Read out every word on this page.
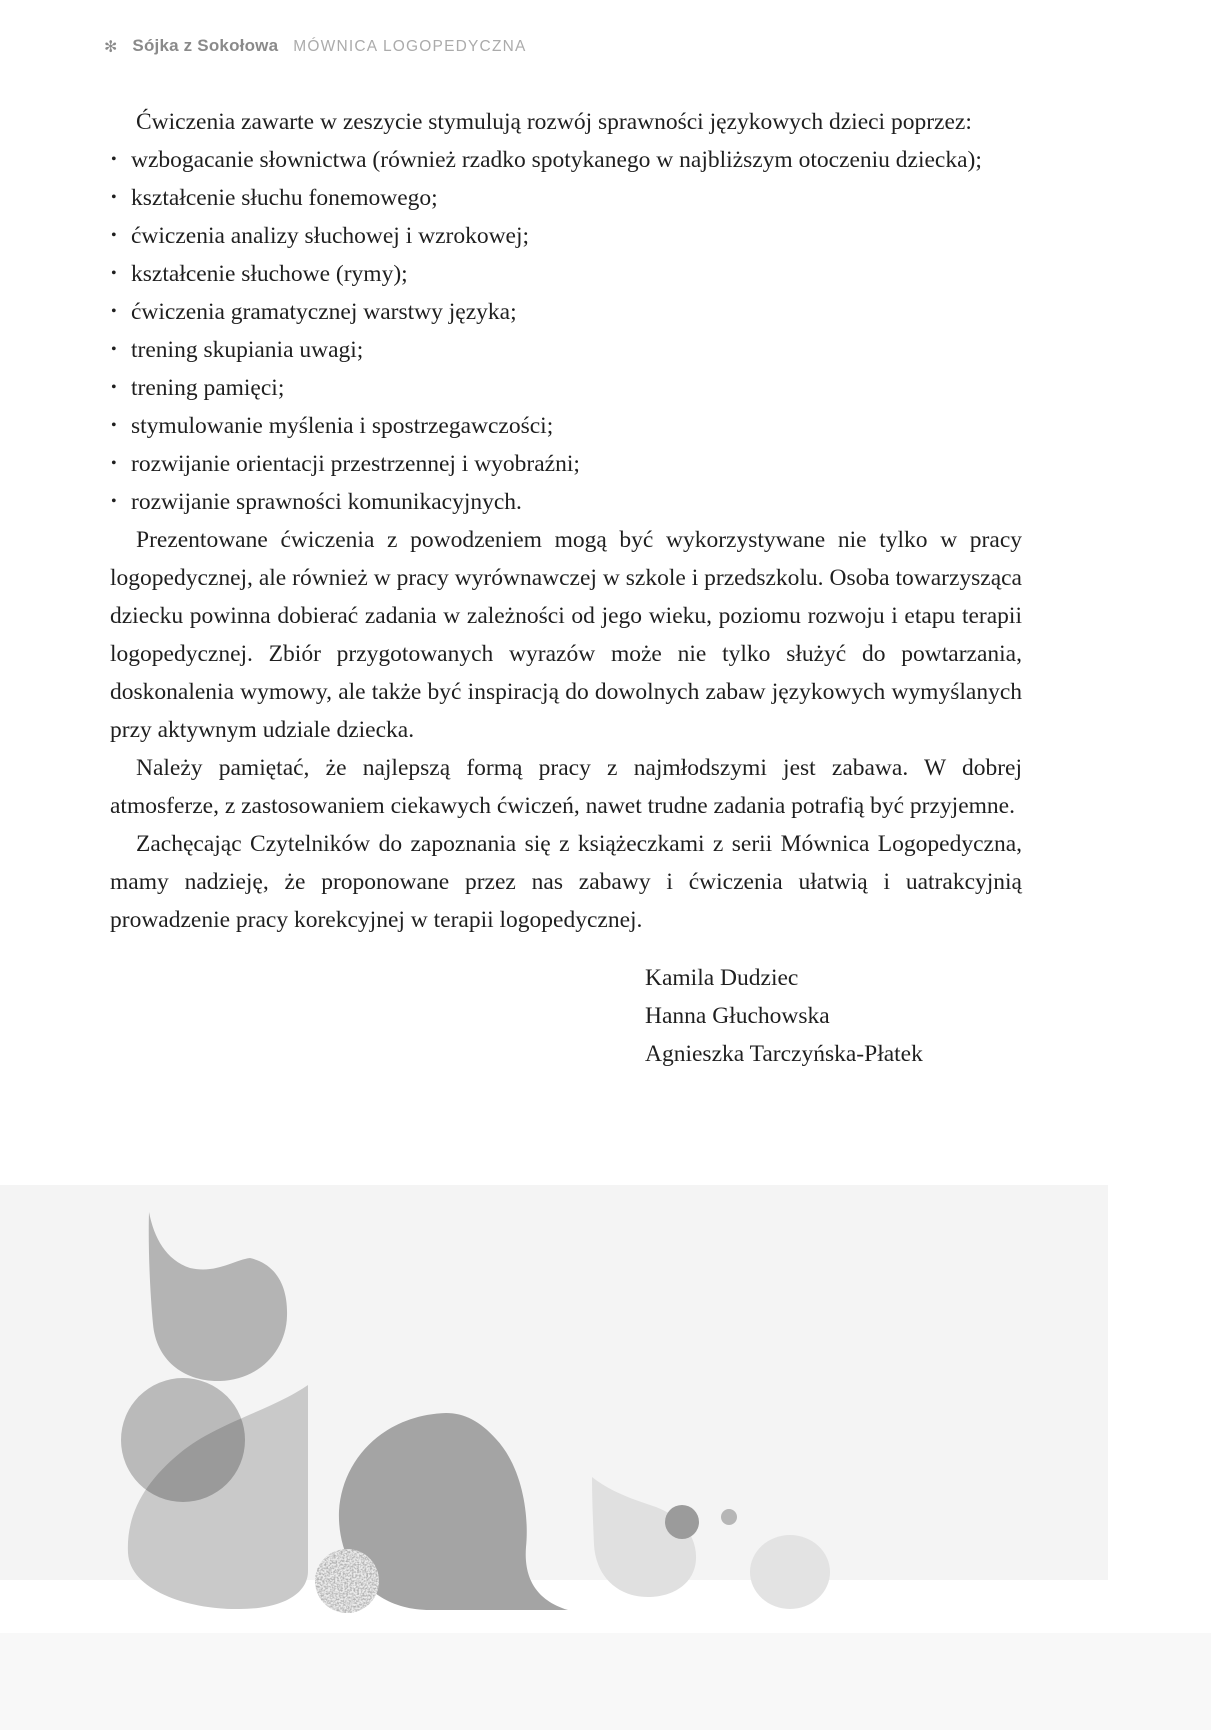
✻ Sójka z Sokołowa MÓWNICA LOGOPEDYCZNA

Ćwiczenia zawarte w zeszycie stymulują rozwój sprawności językowych dzieci poprzez:

• wzbogacanie słownictwa (również rzadko spotykanego w najbliższym otoczeniu dziecka);
• kształcenie słuchu fonemowego;
• ćwiczenia analizy słuchowej i wzrokowej;
• kształcenie słuchowe (rymy);
• ćwiczenia gramatycznej warstwy języka;
• trening skupiania uwagi;
• trening pamięci;
• stymulowanie myślenia i spostrzegawczości;
• rozwijanie orientacji przestrzennej i wyobraźni;
• rozwijanie sprawności komunikacyjnych.

Prezentowane ćwiczenia z powodzeniem mogą być wykorzystywane nie tylko w pracy logopedycznej, ale również w pracy wyrównawczej w szkole i przedszkolu. Osoba towarzysząca dziecku powinna dobierać zadania w zależności od jego wieku, poziomu rozwoju i etapu terapii logopedycznej. Zbiór przygotowanych wyrazów może nie tylko służyć do powtarzania, doskonalenia wymowy, ale także być inspiracją do dowolnych zabaw językowych wymyślanych przy aktywnym udziale dziecka.

Należy pamiętać, że najlepszą formą pracy z najmłodszymi jest zabawa. W dobrej atmosferze, z zastosowaniem ciekawych ćwiczeń, nawet trudne zadania potrafią być przyjemne.

Zachęcając Czytelników do zapoznania się z książeczkami z serii Mównica Logopedyczna, mamy nadzieję, że proponowane przez nas zabawy i ćwiczenia ułatwią i uatrakcyjnią prowadzenie pracy korekcyjnej w terapii logopedycznej.

Kamila Dudziec
Hanna Głuchowska
Agnieszka Tarczyńska-Płatek
